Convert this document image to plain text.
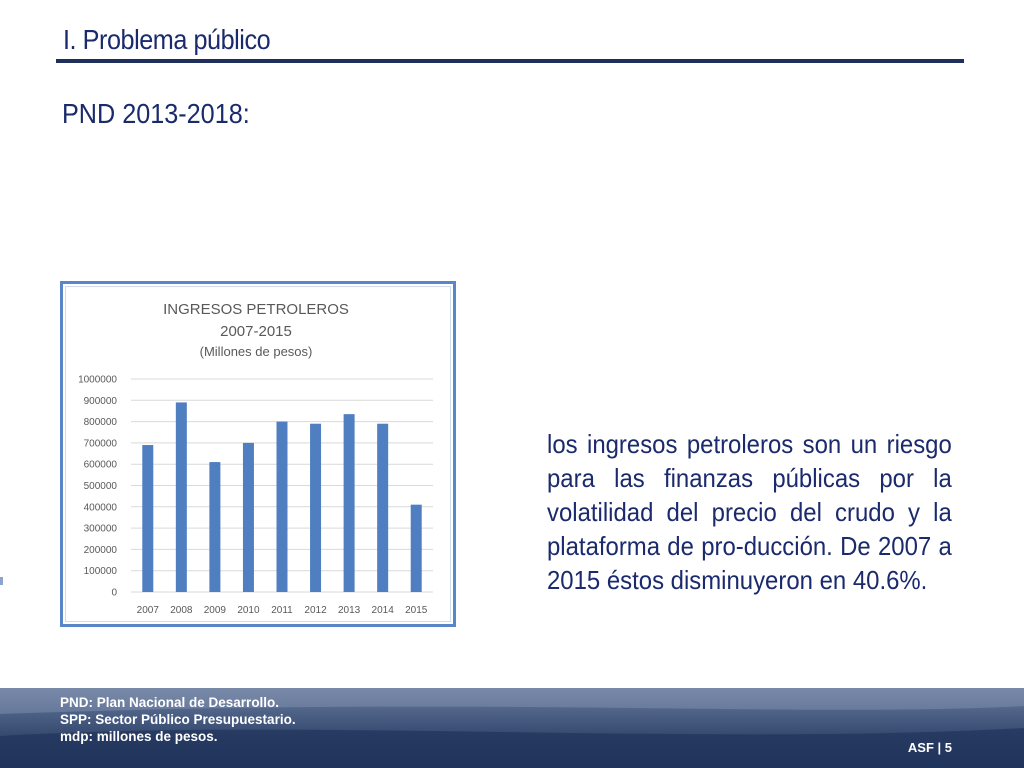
I. Problema público
PND 2013-2018:
INGRESOS PETROLEROS
2007-2015
(Millones de pesos)
0
100000
200000
300000
400000
500000
600000
700000
800000
900000
1000000
2007 2008 2009 2010 2011 2012 2013 2014 2015
los ingresos petroleros son un riesgo para las finanzas públicas por la volatilidad del precio del crudo y la plataforma de pro-ducción. De 2007 a 2015 éstos disminuyeron en 40.6%.
PND: Plan Nacional de Desarrollo.
SPP: Sector Público Presupuestario.
mdp: millones de pesos.
ASF | 5
